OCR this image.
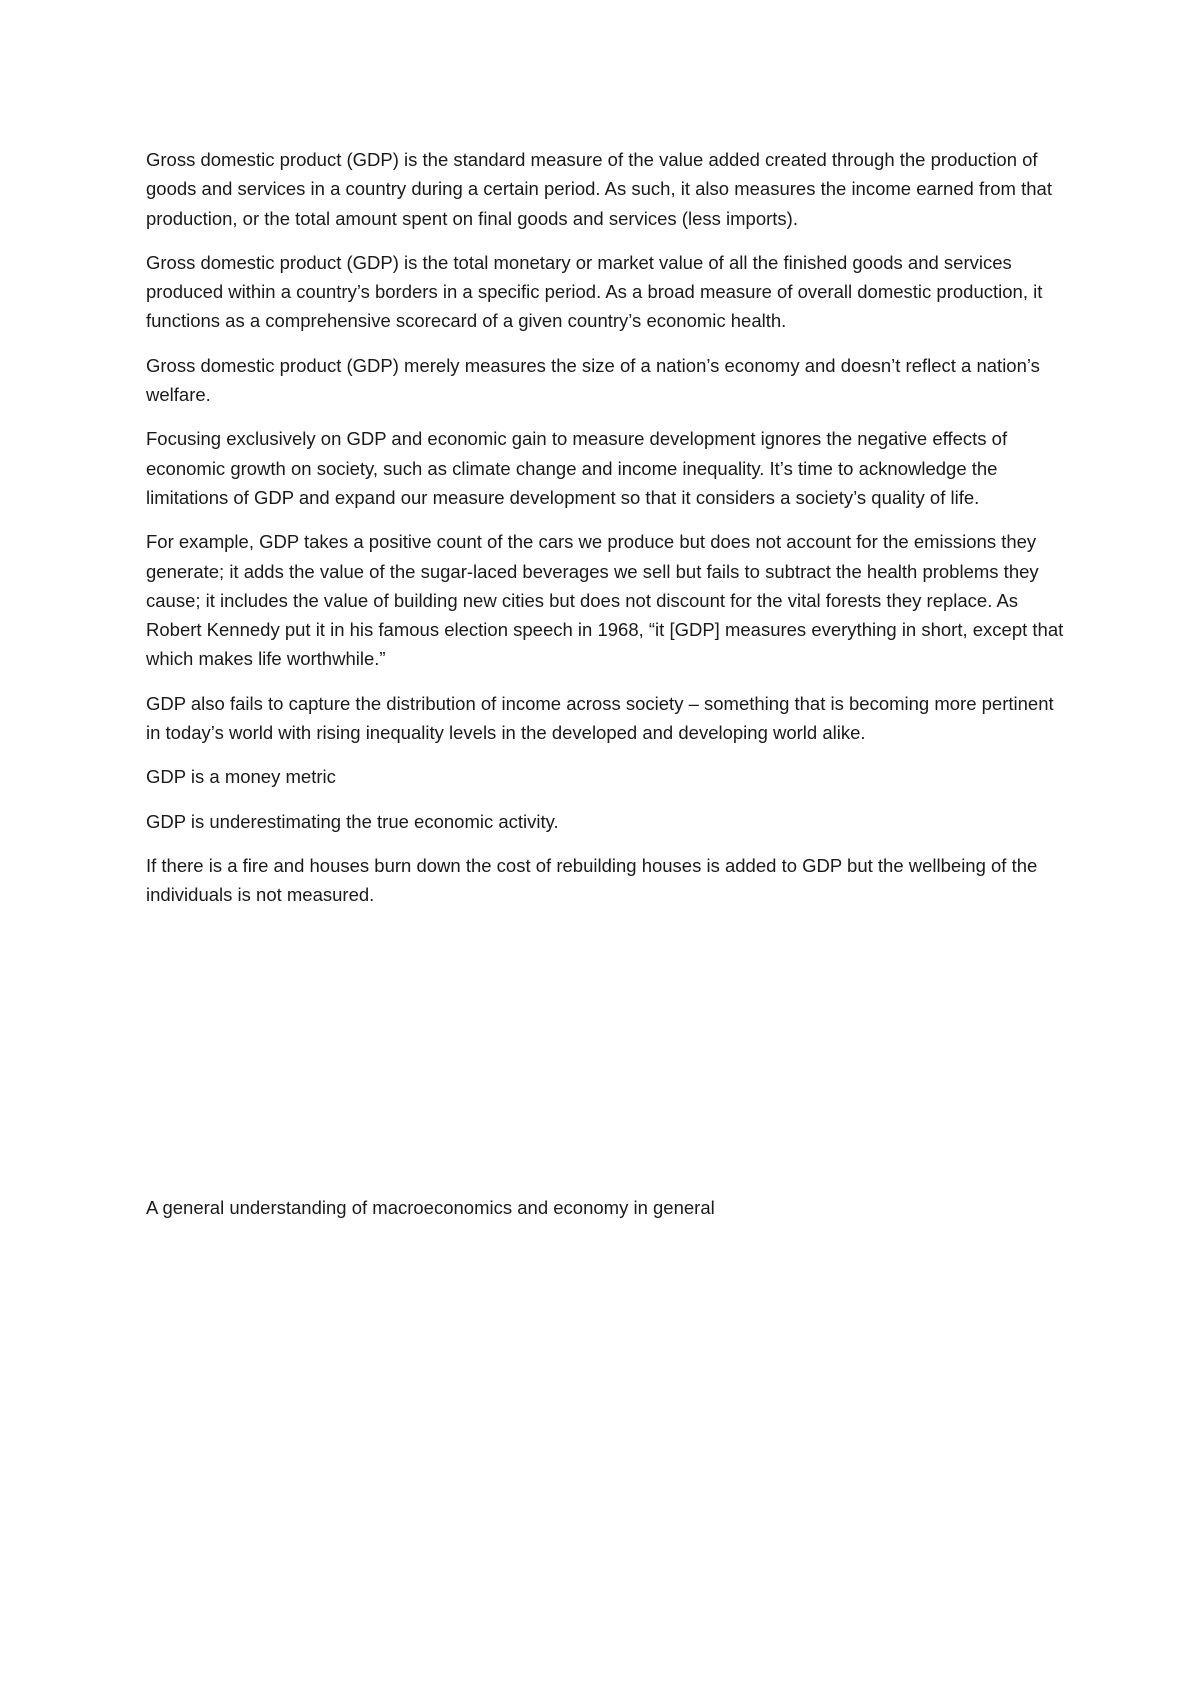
Gross domestic product (GDP) is the standard measure of the value added created through the production of goods and services in a country during a certain period. As such, it also measures the income earned from that production, or the total amount spent on final goods and services (less imports).

Gross domestic product (GDP) is the total monetary or market value of all the finished goods and services produced within a country’s borders in a specific period. As a broad measure of overall domestic production, it functions as a comprehensive scorecard of a given country’s economic health.

Gross domestic product (GDP) merely measures the size of a nation’s economy and doesn’t reflect a nation’s welfare.

Focusing exclusively on GDP and economic gain to measure development ignores the negative effects of economic growth on society, such as climate change and income inequality. It’s time to acknowledge the limitations of GDP and expand our measure development so that it considers a society’s quality of life.

For example, GDP takes a positive count of the cars we produce but does not account for the emissions they generate; it adds the value of the sugar-laced beverages we sell but fails to subtract the health problems they cause; it includes the value of building new cities but does not discount for the vital forests they replace. As Robert Kennedy put it in his famous election speech in 1968, “it [GDP] measures everything in short, except that which makes life worthwhile.”

GDP also fails to capture the distribution of income across society – something that is becoming more pertinent in today’s world with rising inequality levels in the developed and developing world alike.

GDP is a money metric

GDP is underestimating the true economic activity.

If there is a fire and houses burn down the cost of rebuilding houses is added to GDP but the wellbeing of the individuals is not measured.

A general understanding of macroeconomics and economy in general
